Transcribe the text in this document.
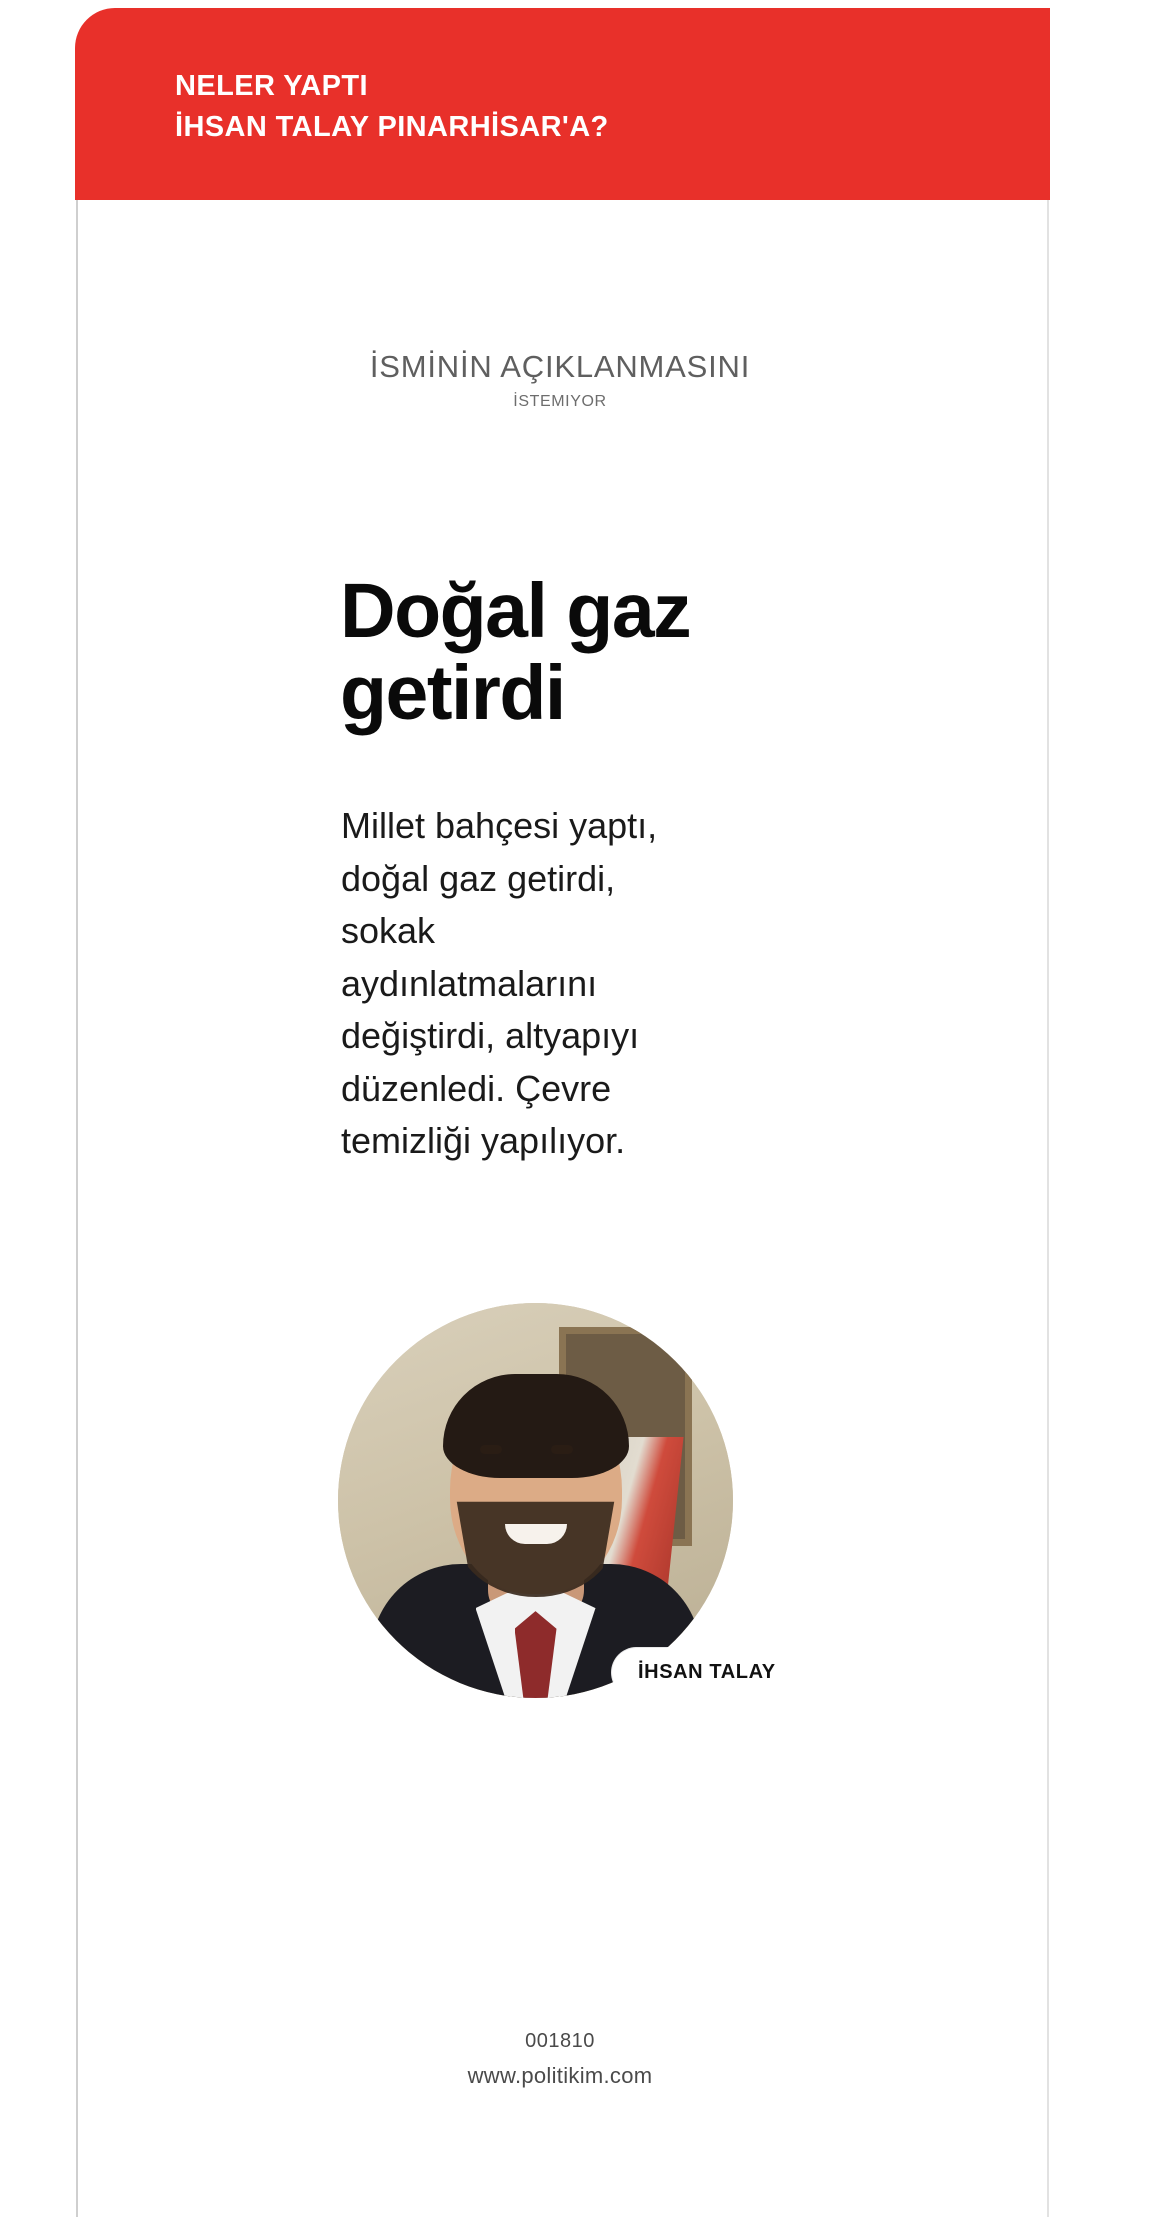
NELER YAPTI
İHSAN TALAY PINARHİSAR'A?
İSMİNİN AÇIKLANMASINI
İSTEMIYOR
Doğal gaz getirdi
Millet bahçesi yaptı, doğal gaz getirdi, sokak aydınlatmalarını değiştirdi, altyapıyı düzenledi. Çevre temizliği yapılıyor.
İHSAN TALAY
001810
www.politikim.com
